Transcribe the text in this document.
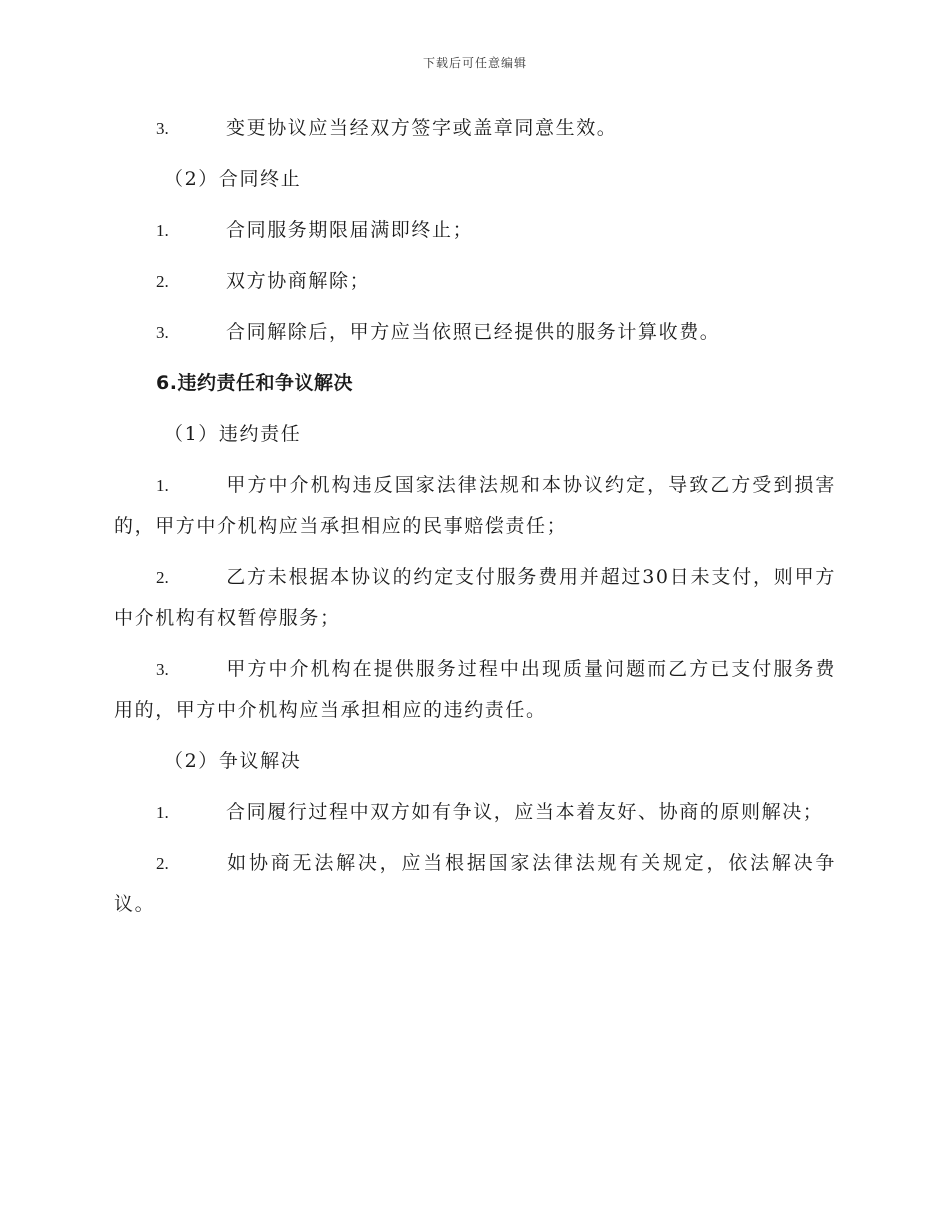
下载后可任意编辑

3.	变更协议应当经双方签字或盖章同意生效。

（2）合同终止

1.	合同服务期限届满即终止；

2.	双方协商解除；

3.	合同解除后，甲方应当依照已经提供的服务计算收费。

6.违约责任和争议解决

（1）违约责任

1.	甲方中介机构违反国家法律法规和本协议约定，导致乙方受到损害的，甲方中介机构应当承担相应的民事赔偿责任；

2.	乙方未根据本协议的约定支付服务费用并超过30日未支付，则甲方中介机构有权暂停服务；

3.	甲方中介机构在提供服务过程中出现质量问题而乙方已支付服务费用的，甲方中介机构应当承担相应的违约责任。

（2）争议解决

1.	合同履行过程中双方如有争议，应当本着友好、协商的原则解决；

2.	如协商无法解决，应当根据国家法律法规有关规定，依法解决争议。
